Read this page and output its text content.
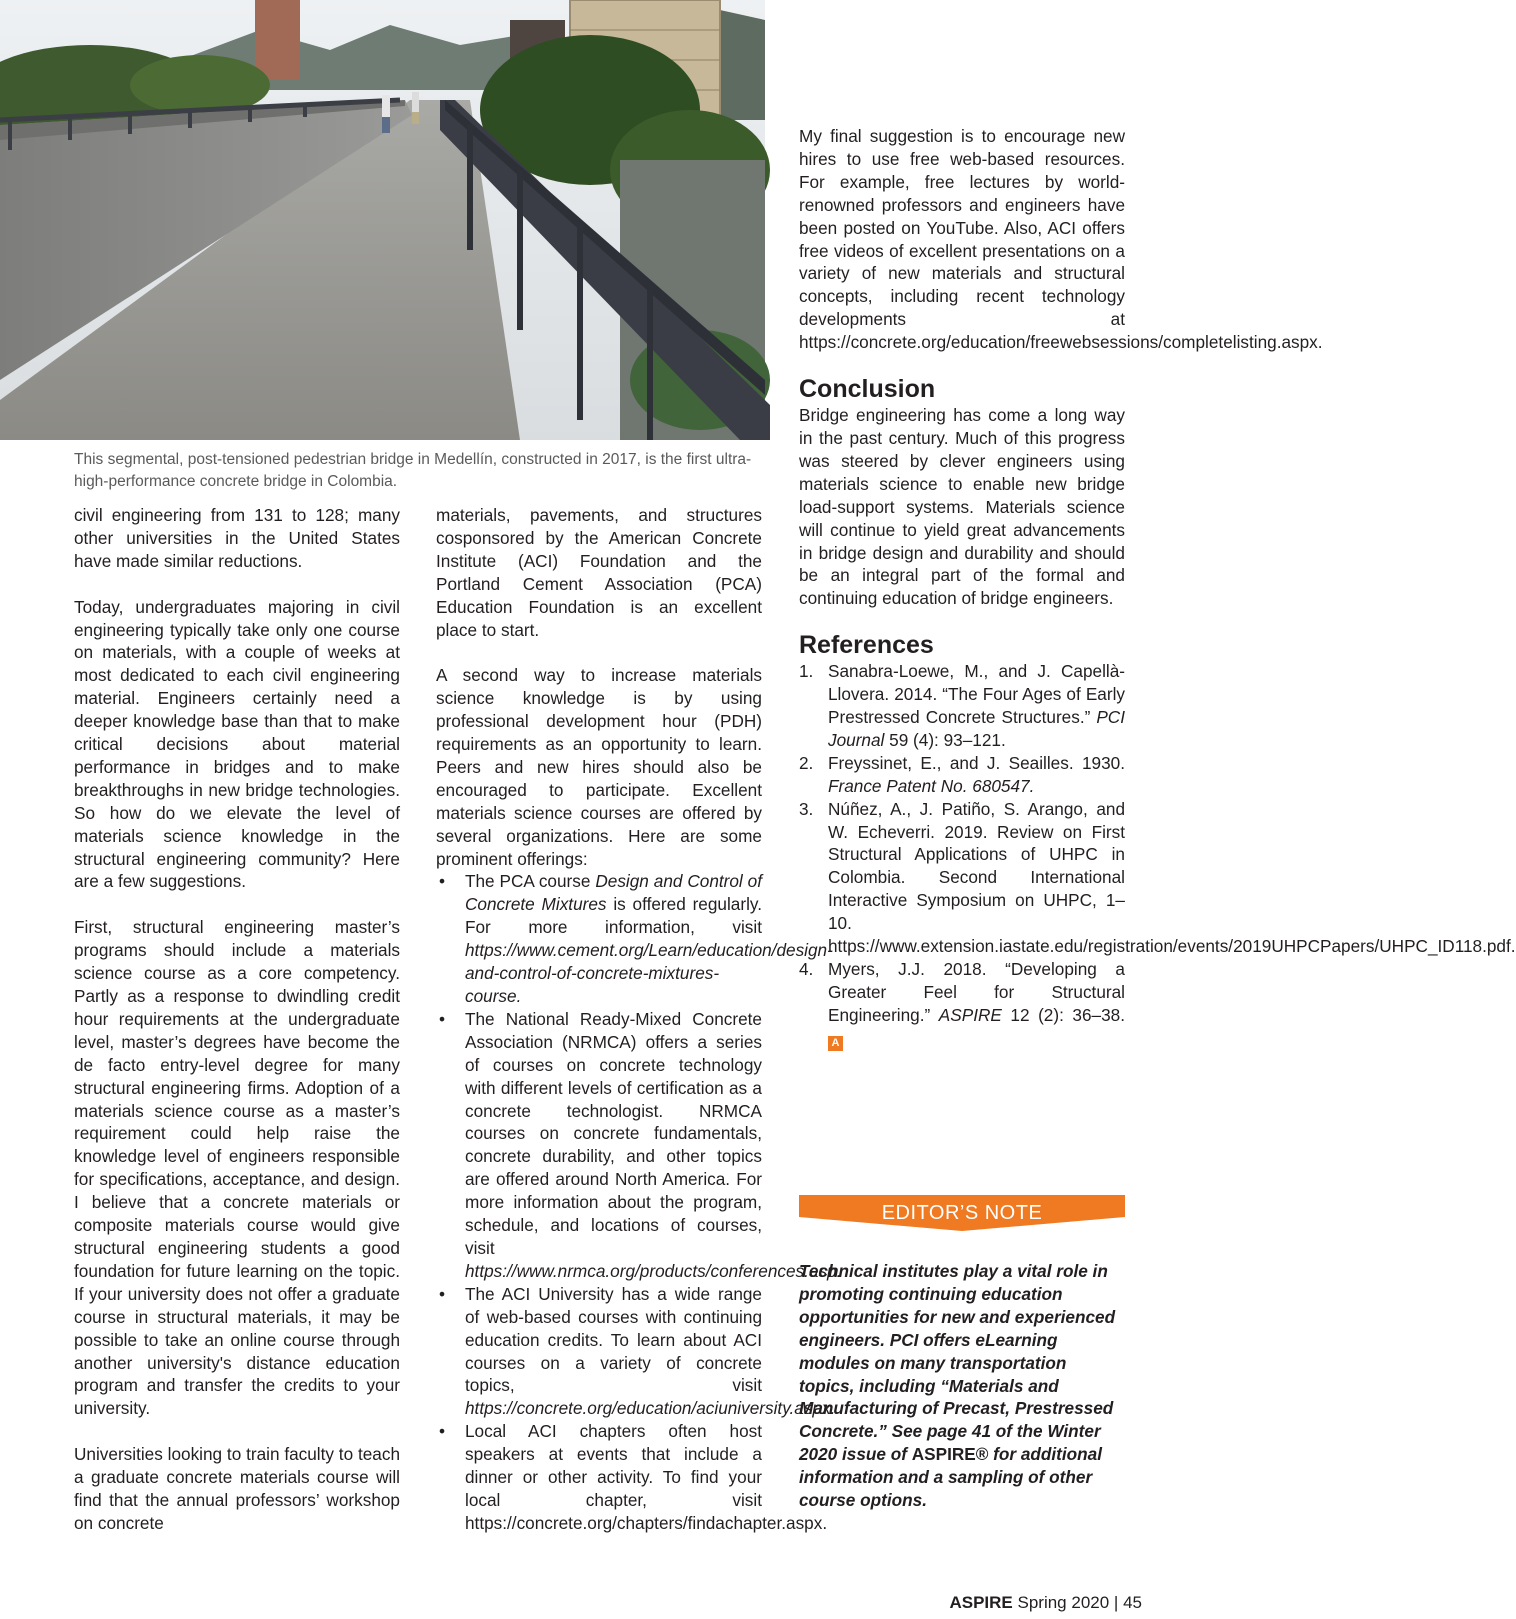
This segmental, post-tensioned pedestrian bridge in Medellín, constructed in 2017, is the first ultra-high-performance concrete bridge in Colombia.

civil engineering from 131 to 128; many other universities in the United States have made similar reductions.

Today, undergraduates majoring in civil engineering typically take only one course on materials, with a couple of weeks at most dedicated to each civil engineering material. Engineers certainly need a deeper knowledge base than that to make critical decisions about material performance in bridges and to make breakthroughs in new bridge technologies. So how do we elevate the level of materials science knowledge in the structural engineering community? Here are a few suggestions.

First, structural engineering master’s programs should include a materials science course as a core competency. Partly as a response to dwindling credit hour requirements at the undergraduate level, master’s degrees have become the de facto entry-level degree for many structural engineering firms. Adoption of a materials science course as a master’s requirement could help raise the knowledge level of engineers responsible for specifications, acceptance, and design. I believe that a concrete materials or composite materials course would give structural engineering students a good foundation for future learning on the topic. If your university does not offer a graduate course in structural materials, it may be possible to take an online course through another university's distance education program and transfer the credits to your university.

Universities looking to train faculty to teach a graduate concrete materials course will find that the annual professors’ workshop on concrete

materials, pavements, and structures cosponsored by the American Concrete Institute (ACI) Foundation and the Portland Cement Association (PCA) Education Foundation is an excellent place to start.

A second way to increase materials science knowledge is by using professional development hour (PDH) requirements as an opportunity to learn. Peers and new hires should also be encouraged to participate. Excellent materials science courses are offered by several organizations. Here are some prominent offerings:

• The PCA course Design and Control of Concrete Mixtures is offered regularly. For more information, visit https://www.cement.org/Learn/education/design-and-control-of-concrete-mixtures-course.
• The National Ready-Mixed Concrete Association (NRMCA) offers a series of courses on concrete technology with different levels of certification as a concrete technologist. NRMCA courses on concrete fundamentals, concrete durability, and other topics are offered around North America. For more information about the program, schedule, and locations of courses, visit https://www.nrmca.org/products/conferences.asp.
• The ACI University has a wide range of web-based courses with continuing education credits. To learn about ACI courses on a variety of concrete topics, visit https://concrete.org/education/aciuniversity.aspx.
• Local ACI chapters often host speakers at events that include a dinner or other activity. To find your local chapter, visit https://concrete.org/chapters/findachapter.aspx.

My final suggestion is to encourage new hires to use free web-based resources. For example, free lectures by world-renowned professors and engineers have been posted on YouTube. Also, ACI offers free videos of excellent presentations on a variety of new materials and structural concepts, including recent technology developments at https://concrete.org/education/freewebsessions/completelisting.aspx.

Conclusion

Bridge engineering has come a long way in the past century. Much of this progress was steered by clever engineers using materials science to enable new bridge load-support systems. Materials science will continue to yield great advancements in bridge design and durability and should be an integral part of the formal and continuing education of bridge engineers.

References
1. Sanabra-Loewe, M., and J. Capellà-Llovera. 2014. “The Four Ages of Early Prestressed Concrete Structures.” PCI Journal 59 (4): 93–121.
2. Freyssinet, E., and J. Seailles. 1930. France Patent No. 680547.
3. Núñez, A., J. Patiño, S. Arango, and W. Echeverri. 2019. Review on First Structural Applications of UHPC in Colombia. Second International Interactive Symposium on UHPC, 1–10. https://www.extension.iastate.edu/registration/events/2019UHPCPapers/UHPC_ID118.pdf.
4. Myers, J.J. 2018. “Developing a Greater Feel for Structural Engineering.” ASPIRE 12 (2): 36–38. A
EDITOR’S NOTE
Technical institutes play a vital role in promoting continuing education opportunities for new and experienced engineers. PCI offers eLearning modules on many transportation topics, including “Materials and Manufacturing of Precast, Prestressed Concrete.” See page 41 of the Winter 2020 issue of ASPIRE® for additional information and a sampling of other course options.
ASPIRE Spring 2020 | 45
